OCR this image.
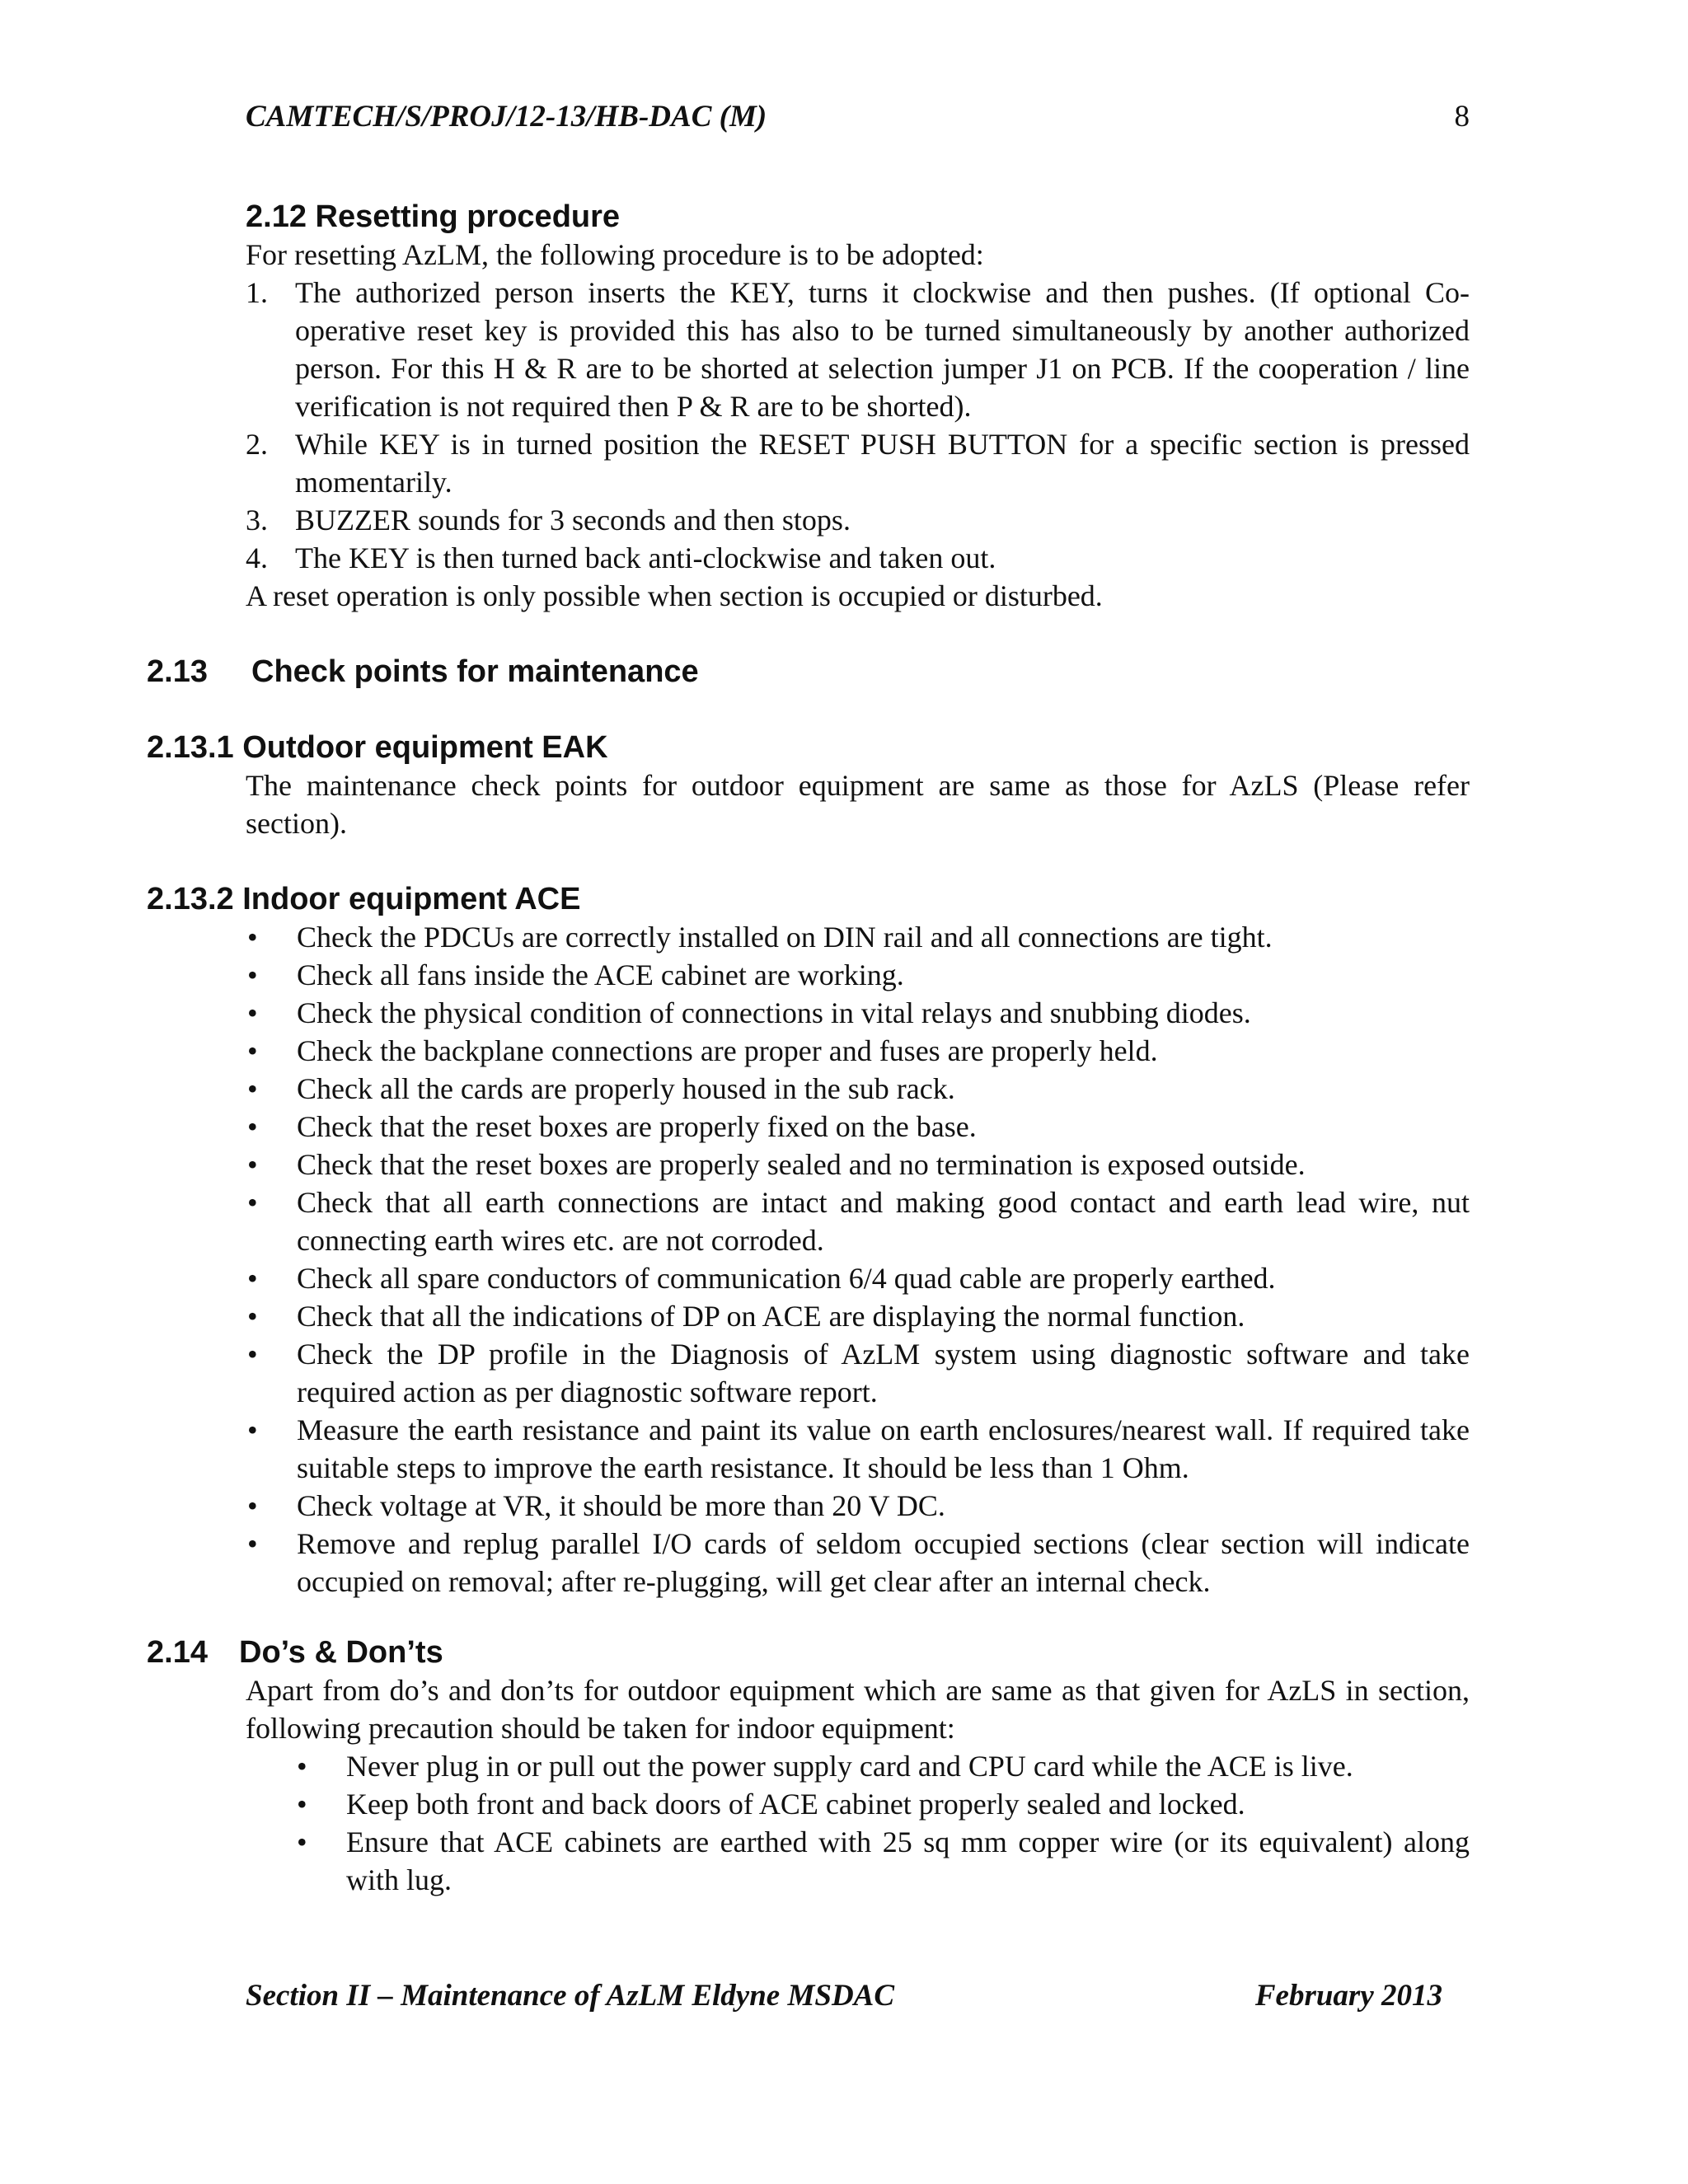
CAMTECH/S/PROJ/12-13/HB-DAC (M)	8
2.12 Resetting procedure
For resetting AzLM, the following procedure is to be adopted:
1. The authorized person inserts the KEY, turns it clockwise and then pushes. (If optional Co-operative reset key is provided this has also to be turned simultaneously by another authorized person. For this H & R are to be shorted at selection jumper J1 on PCB. If the cooperation / line verification is not required then P & R are to be shorted).
2. While KEY is in turned position the RESET PUSH BUTTON for a specific section is pressed momentarily.
3. BUZZER sounds for 3 seconds and then stops.
4. The KEY is then turned back anti-clockwise and taken out.
A reset operation is only possible when section is occupied or disturbed.
2.13	Check points for maintenance
2.13.1 Outdoor equipment EAK
The maintenance check points for outdoor equipment are same as those for AzLS (Please refer section).
2.13.2 Indoor equipment ACE
•	Check the PDCUs are correctly installed on DIN rail and all connections are tight.
•	Check all fans inside the ACE cabinet are working.
•	Check the physical condition of connections in vital relays and snubbing diodes.
•	Check the backplane connections are proper and fuses are properly held.
•	Check all the cards are properly housed in the sub rack.
•	Check that the reset boxes are properly fixed on the base.
•	Check that the reset boxes are properly sealed and no termination is exposed outside.
•	Check that all earth connections are intact and making good contact and earth lead wire, nut connecting earth wires etc. are not corroded.
•	Check all spare conductors of communication 6/4 quad cable are properly earthed.
•	Check that all the indications of DP on ACE are displaying the normal function.
•	Check the DP profile in the Diagnosis of AzLM system using diagnostic software and take required action as per diagnostic software report.
•	Measure the earth resistance and paint its value on earth enclosures/nearest wall. If required take suitable steps to improve the earth resistance. It should be less than 1 Ohm.
•	Check voltage at VR, it should be more than 20 V DC.
•	Remove and replug parallel I/O cards of seldom occupied sections (clear section will indicate occupied on removal; after re-plugging, will get clear after an internal check.
2.14	Do’s & Don’ts
Apart from do’s and don’ts for outdoor equipment which are same as that given for AzLS in section, following precaution should be taken for indoor equipment:
•	Never plug in or pull out the power supply card and CPU card while the ACE is live.
•	Keep both front and back doors of ACE cabinet properly sealed and locked.
•	Ensure that ACE cabinets are earthed with 25 sq mm copper wire (or its equivalent) along with lug.
Section II – Maintenance of AzLM Eldyne MSDAC	February 2013
